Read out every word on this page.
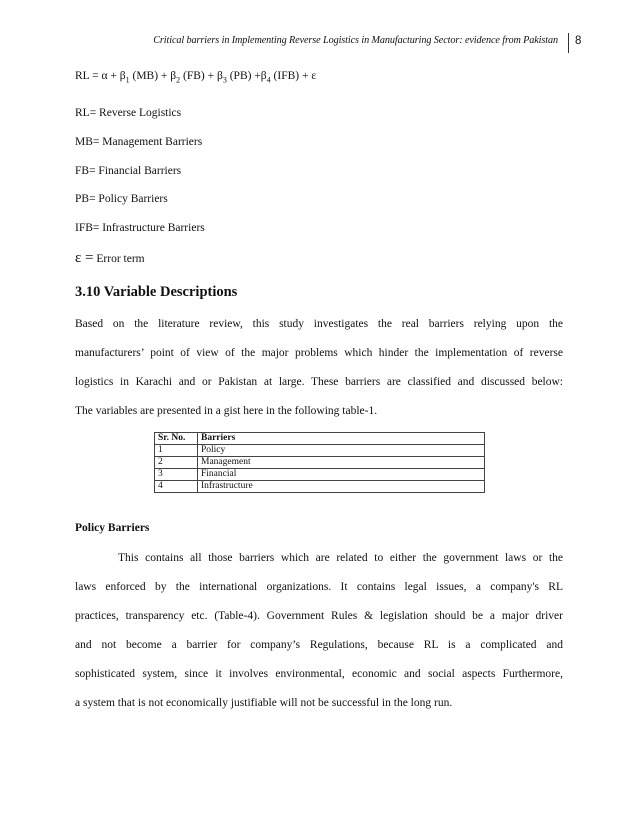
Critical barriers in Implementing Reverse Logistics in Manufacturing Sector: evidence from Pakistan 8
RL = $\alpha + \beta_1$ $(MB) + \beta_2$ $(FB) + \beta_3$ $(PB) +\beta_4$ (IFB) + ε
RL= Reverse Logistics
MB= Management Barriers
FB= Financial Barriers
PB= Policy Barriers
IFB= Infrastructure Barriers
ε = Error term
3.10 Variable Descriptions
Based on the literature review, this study investigates the real barriers relying upon the
manufacturers’ point of view of the major problems which hinder the implementation of reverse
logistics in Karachi and or Pakistan at large. These barriers are classified and discussed below:
The variables are presented in a gist here in the following table-1.
Sr. No.	Barriers
1	Policy
2	Management
3	Financial
4	Infrastructure
Policy Barriers
This contains all those barriers which are related to either the government laws or the
laws enforced by the international organizations. It contains legal issues, a company's RL
practices, transparency etc. (Table-4). Government Rules & legislation should be a major driver
and not become a barrier for company’s Regulations, because RL is a complicated and
sophisticated system, since it involves environmental, economic and social aspects Furthermore,
a system that is not economically justifiable will not be successful in the long run.
